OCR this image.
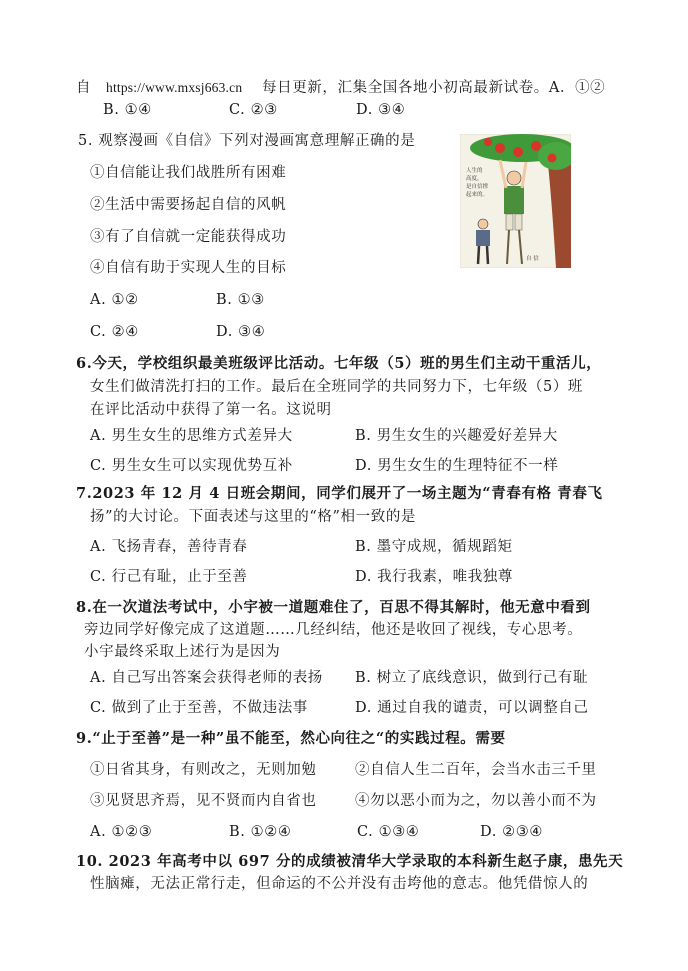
自 https://www.mxsj663.cn 每日更新，汇集全国各地小初高最新试卷。A．①②
B. ①④	C. ②③	D. ③④
5. 观察漫画《自信》下列对漫画寓意理解正确的是
①自信能让我们战胜所有困难
②生活中需要扬起自信的风帆
③有了自信就一定能获得成功
④自信有助于实现人生的目标
A. ①②	B. ①③
C. ②④	D. ③④
人生的
高度，
是自信撑
起来的。
自 信
6.今天，学校组织最美班级评比活动。七年级（5）班的男生们主动干重活儿，
女生们做清洗打扫的工作。最后在全班同学的共同努力下，七年级（5）班
在评比活动中获得了第一名。这说明
A. 男生女生的思维方式差异大	B. 男生女生的兴趣爱好差异大
C. 男生女生可以实现优势互补	D. 男生女生的生理特征不一样
7.2023 年 12 月 4 日班会期间，同学们展开了一场主题为“青春有格 青春飞
扬”的大讨论。下面表述与这里的“格”相一致的是
A. 飞扬青春，善待青春	B. 墨守成规，循规蹈矩
C. 行己有耻，止于至善	D. 我行我素，唯我独尊
8.在一次道法考试中，小宇被一道题难住了，百思不得其解时，他无意中看到
旁边同学好像完成了这道题……几经纠结，他还是收回了视线，专心思考。
小宇最终采取上述行为是因为
A. 自己写出答案会获得老师的表扬 B. 树立了底线意识，做到行己有耻
C. 做到了止于至善，不做违法事	D. 通过自我的谴责，可以调整自己
9.“止于至善”是一种”虽不能至，然心向往之“的实践过程。需要
①日省其身，有则改之，无则加勉	②自信人生二百年，会当水击三千里
③见贤思齐焉，见不贤而内自省也	④勿以恶小而为之，勿以善小而不为
A. ①②③	B. ①②④	C. ①③④	D. ②③④
10. 2023 年高考中以 697 分的成绩被清华大学录取的本科新生赵子康，患先天
性脑瘫，无法正常行走，但命运的不公并没有击垮他的意志。他凭借惊人的
